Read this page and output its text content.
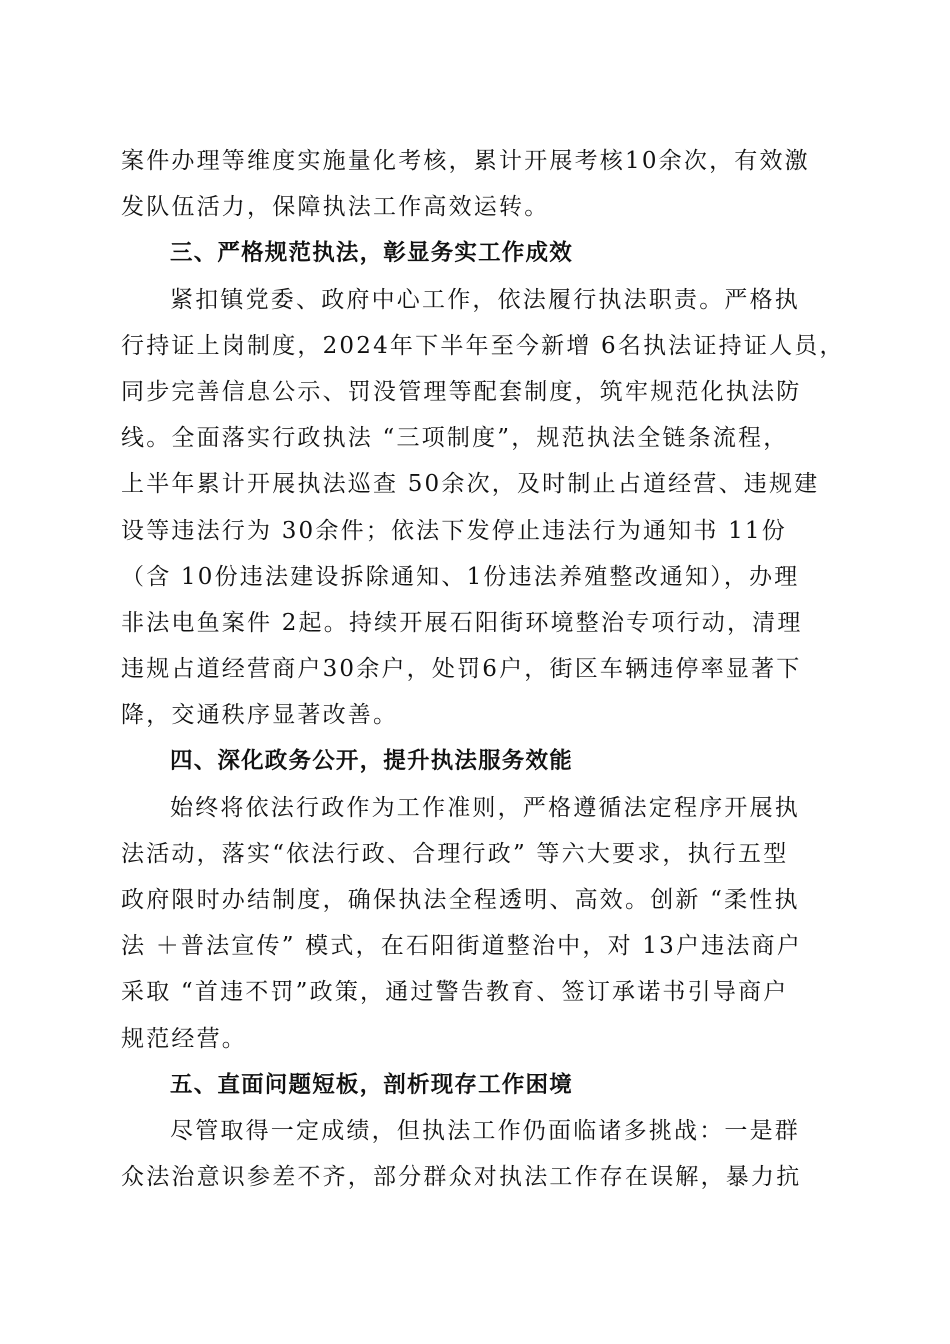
案件办理等维度实施量化考核，累计开展考核10余次，有效激
发队伍活力，保障执法工作高效运转。

三、严格规范执法，彰显务实工作成效

紧扣镇党委、政府中心工作，依法履行执法职责。严格执
行持证上岗制度，2024年下半年至今新增 6名执法证持证人员，
同步完善信息公示、罚没管理等配套制度，筑牢规范化执法防
线。全面落实行政执法 “三项制度”，规范执法全链条流程，
上半年累计开展执法巡查 50余次，及时制止占道经营、违规建
设等违法行为 30余件；依法下发停止违法行为通知书 11份
（含 10份违法建设拆除通知、1份违法养殖整改通知），办理
非法电鱼案件 2起。持续开展石阳街环境整治专项行动，清理
违规占道经营商户30余户，处罚6户，街区车辆违停率显著下
降，交通秩序显著改善。

四、深化政务公开，提升执法服务效能

始终将依法行政作为工作准则，严格遵循法定程序开展执
法活动，落实“依法行政、合理行政” 等六大要求，执行五型
政府限时办结制度，确保执法全程透明、高效。创新 “柔性执
法 ＋普法宣传” 模式，在石阳街道整治中，对 13户违法商户
采取 “首违不罚”政策，通过警告教育、签订承诺书引导商户
规范经营。

五、直面问题短板，剖析现存工作困境

尽管取得一定成绩，但执法工作仍面临诸多挑战：一是群
众法治意识参差不齐，部分群众对执法工作存在误解，暴力抗
